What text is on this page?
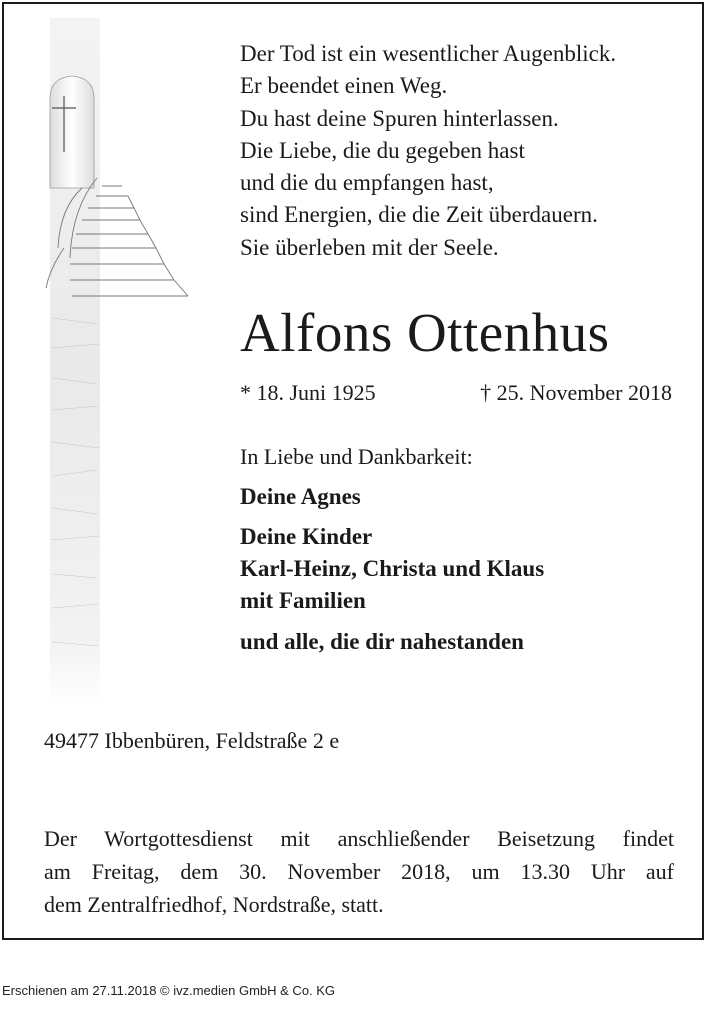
Der Tod ist ein wesentlicher Augenblick.
Er beendet einen Weg.
Du hast deine Spuren hinterlassen.
Die Liebe, die du gegeben hast
und die du empfangen hast,
sind Energien, die die Zeit überdauern.
Sie überleben mit der Seele.
Alfons Ottenhus
* 18. Juni 1925	† 25. November 2018
In Liebe und Dankbarkeit:
Deine Agnes
Deine Kinder
Karl-Heinz, Christa und Klaus
mit Familien
und alle, die dir nahestanden
49477 Ibbenbüren, Feldstraße 2 e
Der Wortgottesdienst mit anschließender Beisetzung findet
am Freitag, dem 30. November 2018, um 13.30 Uhr auf
dem Zentralfriedhof, Nordstraße, statt.
Erschienen am 27.11.2018 © ivz.medien GmbH & Co. KG
